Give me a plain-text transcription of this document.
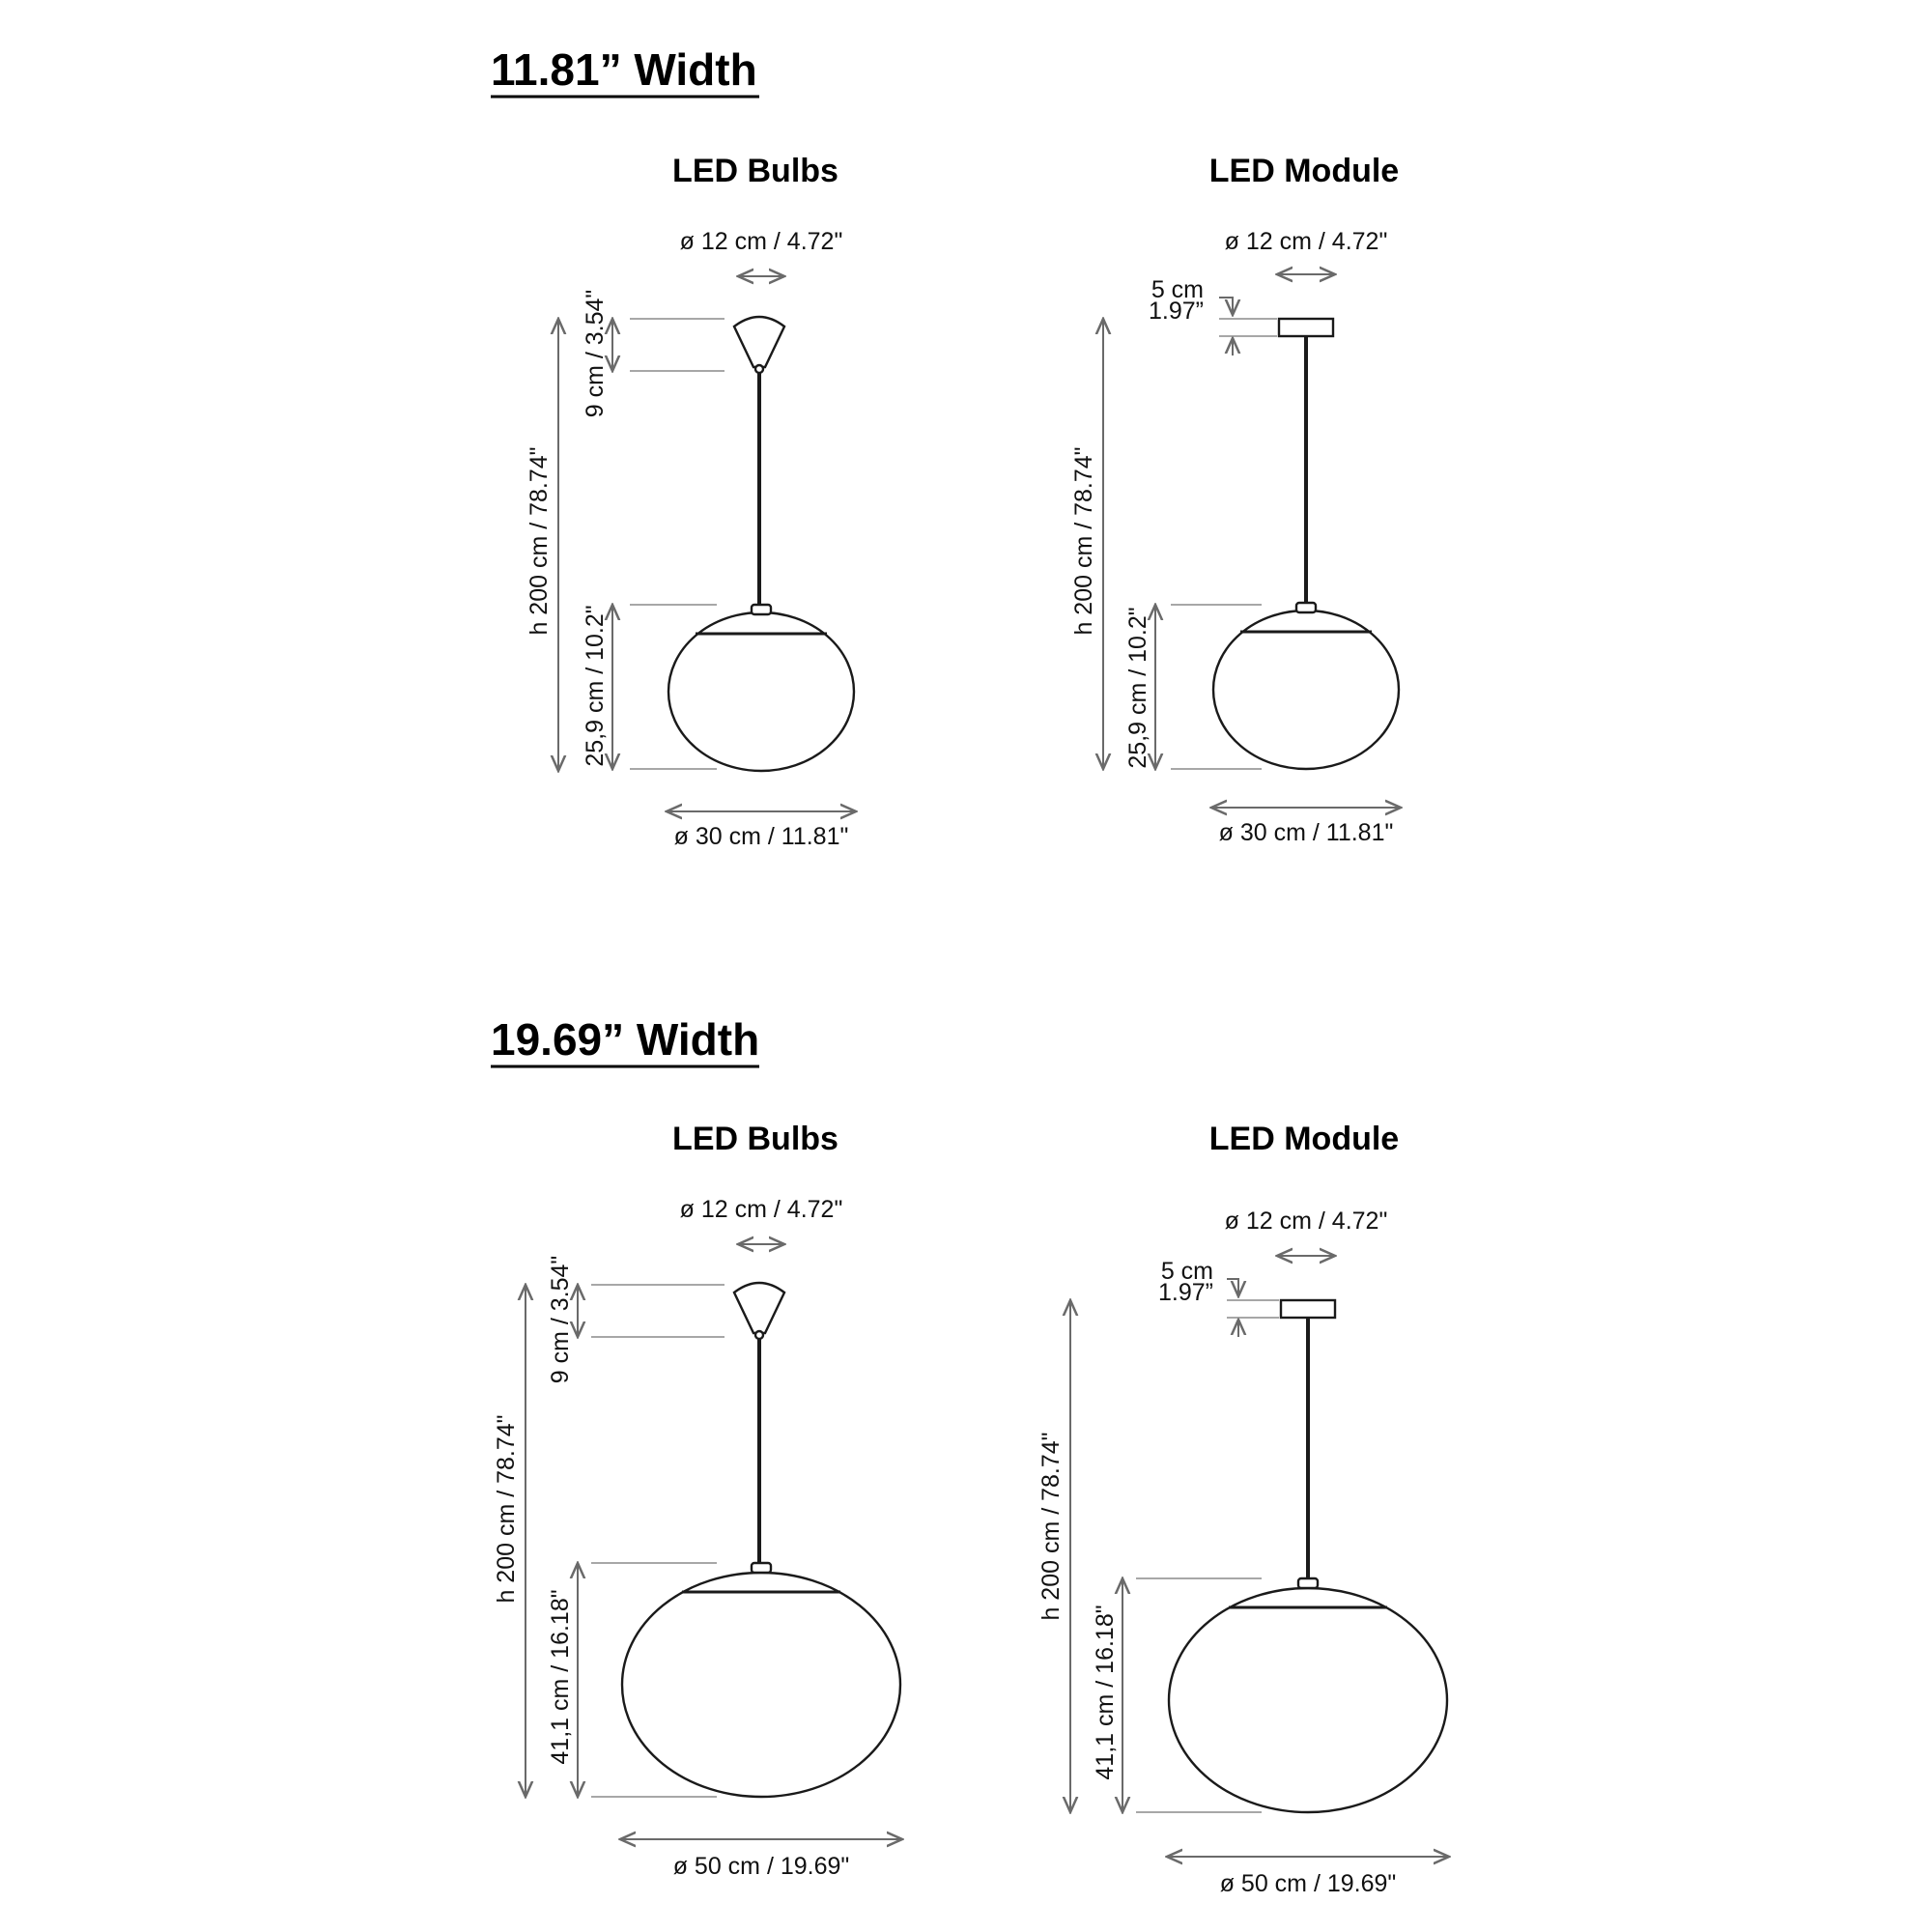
11.81” Width
LED Bulbs
ø 12 cm / 4.72"
h 200 cm / 78.74"
9 cm / 3.54"
25,9 cm / 10.2"
ø 30 cm / 11.81"
LED Module
ø 12 cm / 4.72"
5 cm
1.97”
h 200 cm / 78.74"
25,9 cm / 10.2"
ø 30 cm / 11.81"
19.69” Width
LED Bulbs
ø 12 cm / 4.72"
h 200 cm / 78.74"
9 cm / 3.54"
41,1 cm / 16.18"
ø 50 cm / 19.69"
LED Module
ø 12 cm / 4.72"
5 cm
1.97”
h 200 cm / 78.74"
41,1 cm / 16.18"
ø 50 cm / 19.69"
